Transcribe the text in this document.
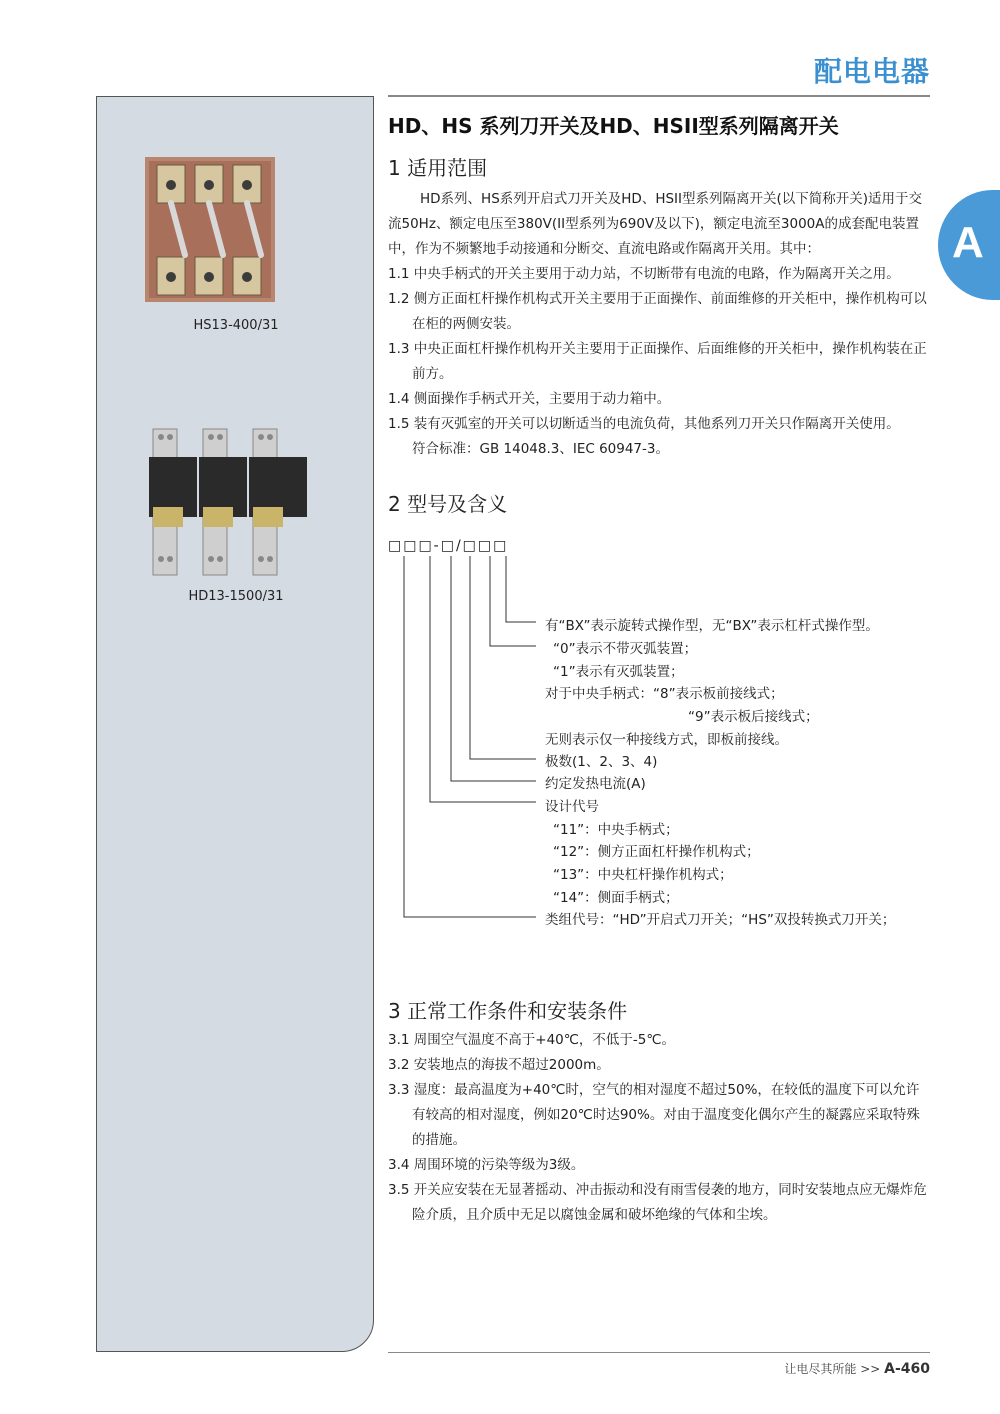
配电电器
A
HS13-400/31
HD13-1500/31
HD、HS 系列刀开关及HD、HSII型系列隔离开关
1 适用范围

HD系列、HS系列开启式刀开关及HD、HSII型系列隔离开关(以下简称开关)适用于交流50Hz、额定电压至380V(II型系列为690V及以下)，额定电流至3000A的成套配电装置中，作为不频繁地手动接通和分断交、直流电路或作隔离开关用。其中：

1.1 中央手柄式的开关主要用于动力站，不切断带有电流的电路，作为隔离开关之用。

1.2 侧方正面杠杆操作机构式开关主要用于正面操作、前面维修的开关柜中，操作机构可以在柜的两侧安装。

1.3 中央正面杠杆操作机构开关主要用于正面操作、后面维修的开关柜中，操作机构装在正前方。

1.4 侧面操作手柄式开关，主要用于动力箱中。

1.5 装有灭弧室的开关可以切断适当的电流负荷，其他系列刀开关只作隔离开关使用。

符合标准：GB 14048.3、IEC 60947-3。

2 型号及含义
□□□-□/□□□
有“BX”表示旋转式操作型，无“BX”表示杠杆式操作型。
“0”表示不带灭弧装置；
“1”表示有灭弧装置；
对于中央手柄式：“8”表示板前接线式；
“9”表示板后接线式；
无则表示仅一种接线方式，即板前接线。
极数(1、2、3、4)
约定发热电流(A)
设计代号
“11”：中央手柄式；
“12”：侧方正面杠杆操作机构式；
“13”：中央杠杆操作机构式；
“14”：侧面手柄式；
类组代号：“HD”开启式刀开关；“HS”双投转换式刀开关；
3 正常工作条件和安装条件

3.1 周围空气温度不高于+40℃，不低于-5℃。

3.2 安装地点的海拔不超过2000m。

3.3 湿度：最高温度为+40℃时，空气的相对湿度不超过50%，在较低的温度下可以允许有较高的相对湿度，例如20℃时达90%。对由于温度变化偶尔产生的凝露应采取特殊的措施。

3.4 周围环境的污染等级为3级。

3.5 开关应安装在无显著摇动、冲击振动和没有雨雪侵袭的地方，同时安装地点应无爆炸危险介质，且介质中无足以腐蚀金属和破坏绝缘的气体和尘埃。

让电尽其所能 >> A-460
